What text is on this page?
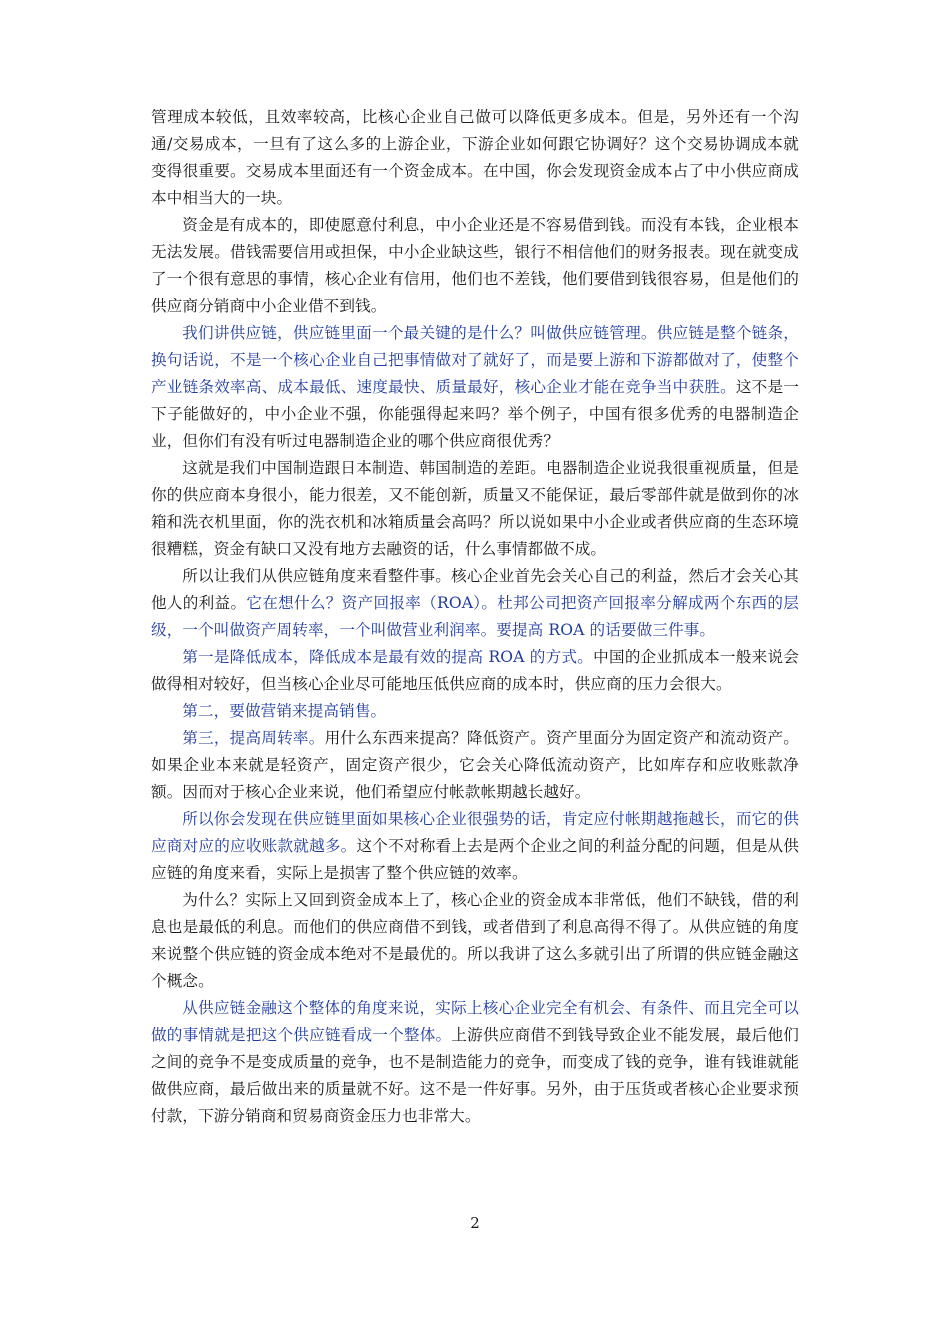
管理成本较低，且效率较高，比核心企业自己做可以降低更多成本。但是，另外还有一个沟通/交易成本，一旦有了这么多的上游企业，下游企业如何跟它协调好？这个交易协调成本就变得很重要。交易成本里面还有一个资金成本。在中国，你会发现资金成本占了中小供应商成本中相当大的一块。

资金是有成本的，即使愿意付利息，中小企业还是不容易借到钱。而没有本钱，企业根本无法发展。借钱需要信用或担保，中小企业缺这些，银行不相信他们的财务报表。现在就变成了一个很有意思的事情，核心企业有信用，他们也不差钱，他们要借到钱很容易，但是他们的供应商分销商中小企业借不到钱。

我们讲供应链，供应链里面一个最关键的是什么？叫做供应链管理。供应链是整个链条，换句话说，不是一个核心企业自己把事情做对了就好了，而是要上游和下游都做对了，使整个产业链条效率高、成本最低、速度最快、质量最好，核心企业才能在竞争当中获胜。这不是一下子能做好的，中小企业不强，你能强得起来吗？举个例子，中国有很多优秀的电器制造企业，但你们有没有听过电器制造企业的哪个供应商很优秀？

这就是我们中国制造跟日本制造、韩国制造的差距。电器制造企业说我很重视质量，但是你的供应商本身很小，能力很差，又不能创新，质量又不能保证，最后零部件就是做到你的冰箱和洗衣机里面，你的洗衣机和冰箱质量会高吗？所以说如果中小企业或者供应商的生态环境很糟糕，资金有缺口又没有地方去融资的话，什么事情都做不成。

所以让我们从供应链角度来看整件事。核心企业首先会关心自己的利益，然后才会关心其他人的利益。它在想什么？资产回报率（ROA）。杜邦公司把资产回报率分解成两个东西的层级，一个叫做资产周转率，一个叫做营业利润率。要提高 ROA 的话要做三件事。

第一是降低成本，降低成本是最有效的提高 ROA 的方式。中国的企业抓成本一般来说会做得相对较好，但当核心企业尽可能地压低供应商的成本时，供应商的压力会很大。

第二，要做营销来提高销售。

第三，提高周转率。用什么东西来提高？降低资产。资产里面分为固定资产和流动资产。如果企业本来就是轻资产，固定资产很少，它会关心降低流动资产，比如库存和应收账款净额。因而对于核心企业来说，他们希望应付帐款帐期越长越好。

所以你会发现在供应链里面如果核心企业很强势的话，肯定应付帐期越拖越长，而它的供应商对应的应收账款就越多。这个不对称看上去是两个企业之间的利益分配的问题，但是从供应链的角度来看，实际上是损害了整个供应链的效率。

为什么？实际上又回到资金成本上了，核心企业的资金成本非常低，他们不缺钱，借的利息也是最低的利息。而他们的供应商借不到钱，或者借到了利息高得不得了。从供应链的角度来说整个供应链的资金成本绝对不是最优的。所以我讲了这么多就引出了所谓的供应链金融这个概念。

从供应链金融这个整体的角度来说，实际上核心企业完全有机会、有条件、而且完全可以做的事情就是把这个供应链看成一个整体。上游供应商借不到钱导致企业不能发展，最后他们之间的竞争不是变成质量的竞争，也不是制造能力的竞争，而变成了钱的竞争，谁有钱谁就能做供应商，最后做出来的质量就不好。这不是一件好事。另外，由于压货或者核心企业要求预付款，下游分销商和贸易商资金压力也非常大。

2
